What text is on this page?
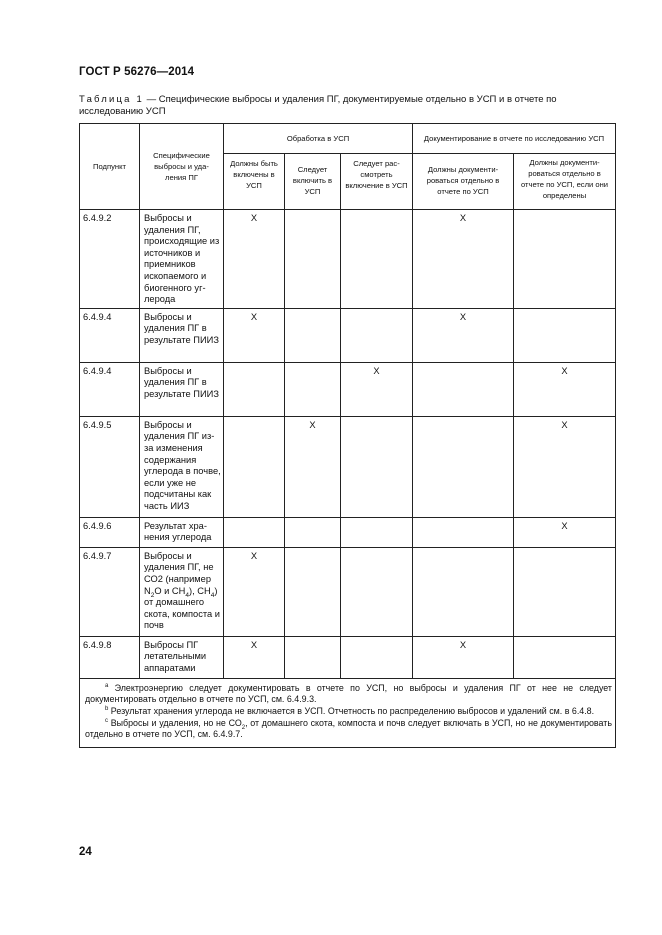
ГОСТ Р 56276—2014
Таблица 1 — Специфические выбросы и удаления ПГ, документируемые отдельно в УСП и в отчете по исследованию УСП
Подпункт	Специфические выбросы и удаления ПГ	Обработка в УСП			Документирование в отчете по исследованию УСП	
		Должны быть включены в УСП	Следует включить в УСП	Следует рассмотреть включение в УСП	Должны документироваться отдельно в отчете по УСП	Должны документироваться отдельно в отчете по УСП, если они определены
6.4.9.2	Выбросы и удаления ПГ, происходящие из источников и приемников ископаемого и биогенного углерода	X			X	
6.4.9.4	Выбросы и удаления ПГ в результате ПИИЗ	X			X	
6.4.9.4	Выбросы и удаления ПГ в результате ПИИЗ			X		X
6.4.9.5	Выбросы и удаления ПГ из-за изменения содержания углерода в почве, если уже не подсчитаны как часть ИИЗ		X			X
6.4.9.6	Результат хранения углерода					X
6.4.9.7	Выбросы и удаления ПГ, не СО2 (например $N_2O$ и $CH_4$), $CH_4$) от домашнего скота, компоста и почв	X				
6.4.9.8	Выбросы ПГ летательными аппаратами	X			X	

$^a$ Электроэнергию следует документировать в отчете по УСП, но выбросы и удаления ПГ от нее не следует документировать отдельно в отчете по УСП, см. 6.4.9.3.
$^b$ Результат хранения углерода не включается в УСП. Отчетность по распределению выбросов и удалений см. в 6.4.8.
$^c$ Выбросы и удаления, но не $СО_2$, от домашнего скота, компоста и почв следует включать в УСП, но не документировать отдельно в отчете по УСП, см. 6.4.9.7.						
24
